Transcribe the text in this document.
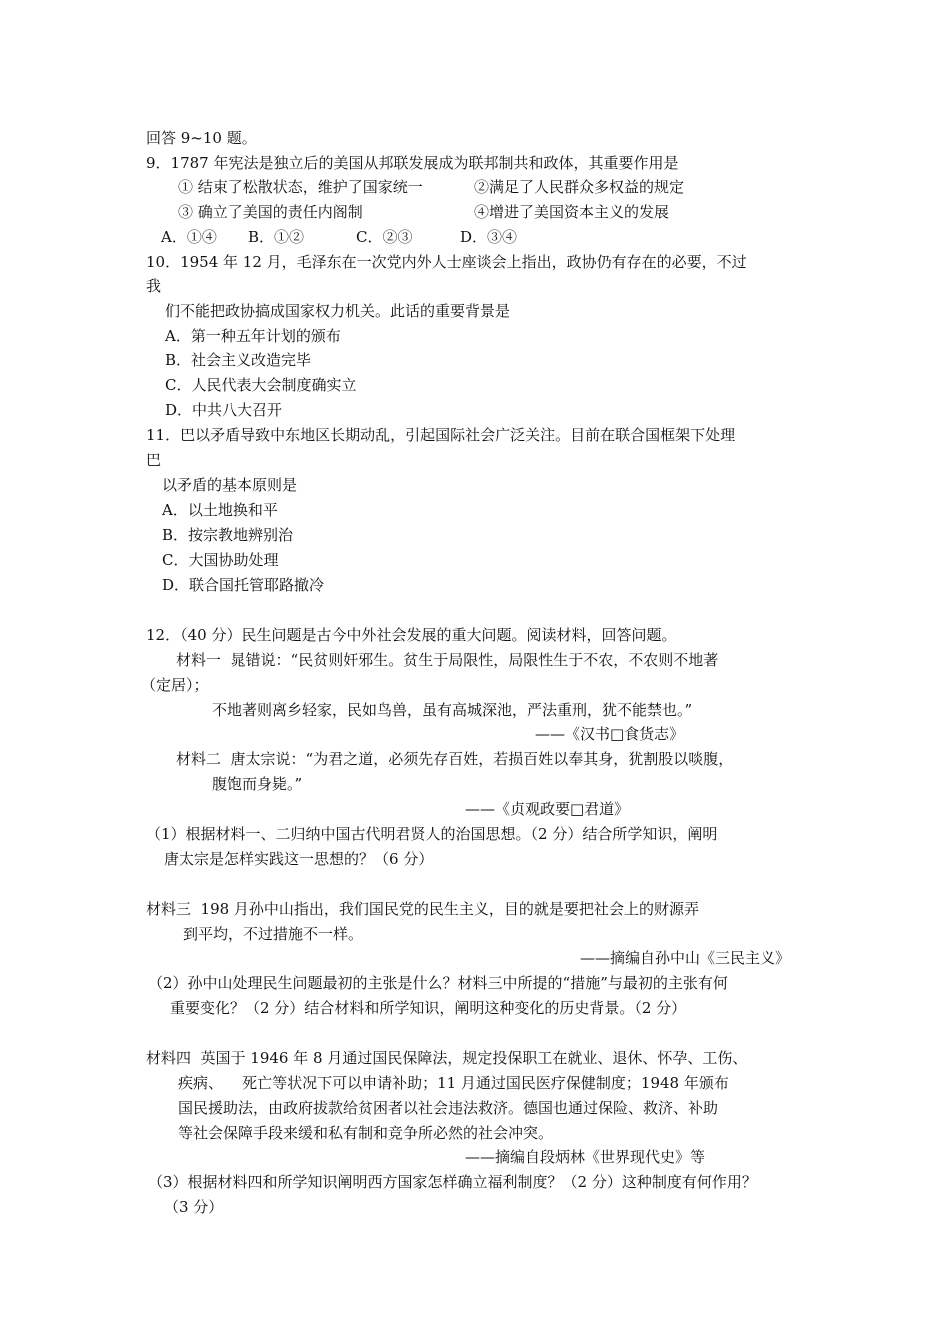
回答 9~10 题。
9．1787 年宪法是独立后的美国从邦联发展成为联邦制共和政体，其重要作用是
① 结束了松散状态，维护了国家统一	②满足了人民群众多权益的规定
③ 确立了美国的责任内阁制	④增进了美国资本主义的发展
A．①④ B．①②	C．②③	D．③④
10．1954 年 12 月，毛泽东在一次党内外人士座谈会上指出，政协仍有存在的必要，不过
我
们不能把政协搞成国家权力机关。此话的重要背景是
A．第一种五年计划的颁布
B．社会主义改造完毕
C．人民代表大会制度确实立
D．中共八大召开
11．巴以矛盾导致中东地区长期动乱，引起国际社会广泛关注。目前在联合国框架下处理
巴
以矛盾的基本原则是
A．以土地换和平
B．按宗教地辨别治
C．大国协助处理
D．联合国托管耶路撤冷
12．（40 分）民生问题是古今中外社会发展的重大问题。阅读材料，回答问题。
材料一  晁错说：“民贫则奸邪生。贫生于局限性，局限性生于不农，不农则不地著
（定居）；
不地著则离乡轻家，民如鸟兽，虽有高城深池，严法重刑，犹不能禁也。”
——《汉书□食货志》
材料二  唐太宗说：“为君之道，必须先存百姓，若损百姓以奉其身，犹割股以啖腹，
腹饱而身毙。”
——《贞观政要□君道》
（1）根据材料一、二归纳中国古代明君贤人的治国思想。（2 分）结合所学知识，阐明
唐太宗是怎样实践这一思想的？（6 分）
材料三  198 月孙中山指出，我们国民党的民生主义，目的就是要把社会上的财源弄
到平均，不过措施不一样。
——摘编自孙中山《三民主义》
（2）孙中山处理民生问题最初的主张是什么？材料三中所提的“措施”与最初的主张有何
重要变化？（2 分）结合材料和所学知识，阐明这种变化的历史背景。（2 分）
材料四  英国于 1946 年 8 月通过国民保障法，规定投保职工在就业、退休、怀孕、工伤、
疾病、    死亡等状况下可以申请补助；11 月通过国民医疗保健制度；1948 年颁布
国民援助法，由政府拔款给贫困者以社会违法救济。德国也通过保险、救济、补助
等社会保障手段来缓和私有制和竞争所必然的社会冲突。
——摘编自段炳林《世界现代史》等
（3）根据材料四和所学知识阐明西方国家怎样确立福利制度？（2 分）这种制度有何作用？
（3 分）
